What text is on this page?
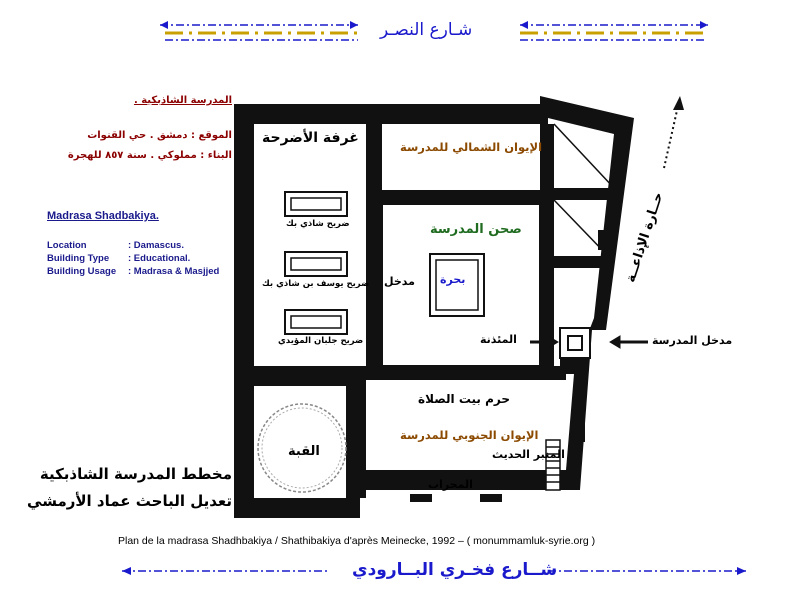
شـارع النصـر
المدرسة الشاذبكية .
الموقع : دمشق . حي القنوات
البناء : مملوكي . سنة ٨٥٧ للهجرة
Madrasa Shadbakiya.
Location	: Damascus.
Building Type : Educational.
Building Usage : Madrasa & Masjjed
مخطط المدرسة الشاذبكية
تعديل الباحث عماد الأرمشي
غرفة الأضرحة
الإيوان الشمالي للمدرسة
صحن المدرسة
بحرة
مدخل
المئذنة	مدخل المدرسة
حرم بيت الصلاة
الإيوان الجنوبي للمدرسة
المنبر الحديث
المحراب
القبة
ضريح شاذي بك
ضريح يوسف بن شاذي بك
ضريح جلبان المؤيدي
حــارة الإذاعــة
Plan de la madrasa Shadhbakiya / Shathibakiya d'après Meinecke, 1992 – ( monummamluk-syrie.org )
شــارع فخـري البــارودي
